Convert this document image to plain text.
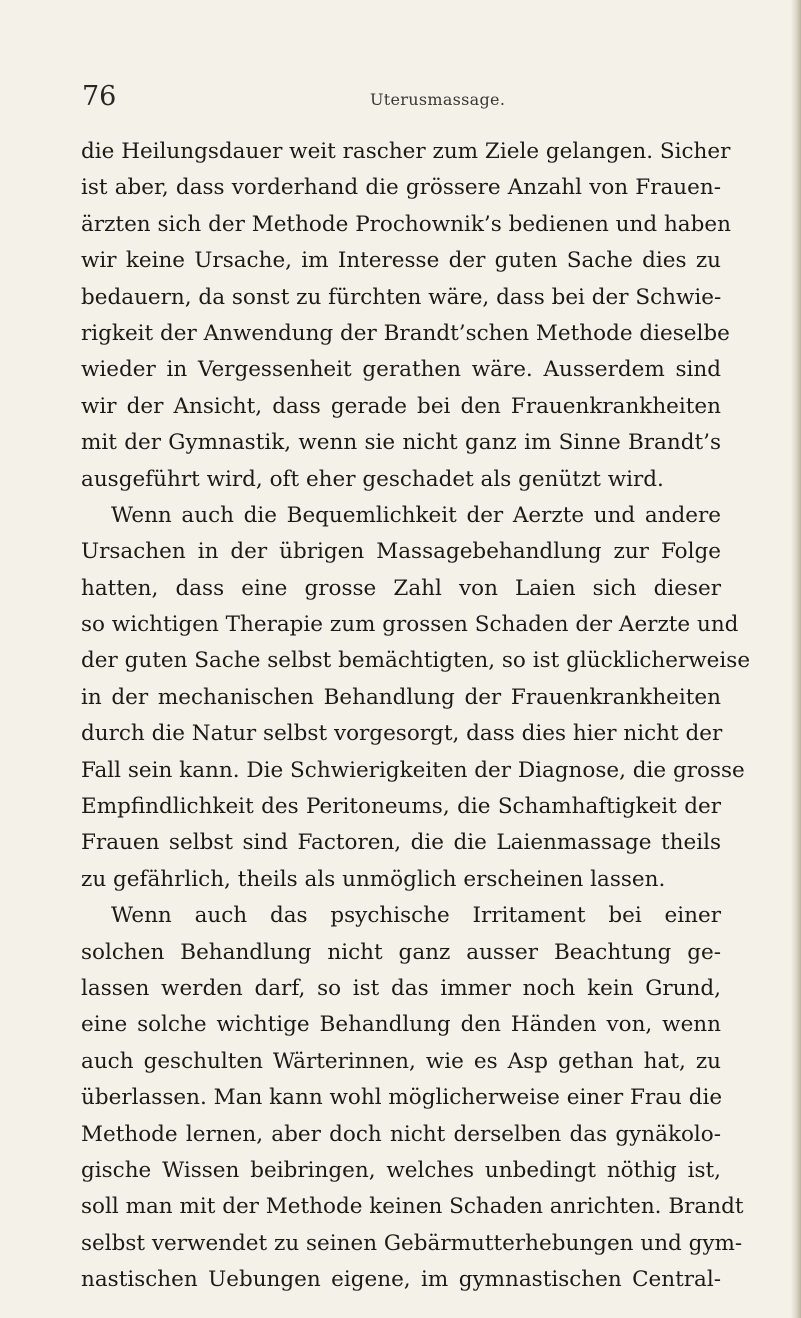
76	Uterusmassage.
die Heilungsdauer weit rascher zum Ziele gelangen. Sicher
ist aber, dass vorderhand die grössere Anzahl von Frauen-
ärzten sich der Methode Prochownik’s bedienen und haben
wir keine Ursache, im Interesse der guten Sache dies zu
bedauern, da sonst zu fürchten wäre, dass bei der Schwie-
rigkeit der Anwendung der Brandt’schen Methode dieselbe
wieder in Vergessenheit gerathen wäre. Ausserdem sind
wir der Ansicht, dass gerade bei den Frauenkrankheiten
mit der Gymnastik, wenn sie nicht ganz im Sinne Brandt’s
ausgeführt wird, oft eher geschadet als genützt wird.
Wenn auch die Bequemlichkeit der Aerzte und andere
Ursachen in der übrigen Massagebehandlung zur Folge
hatten, dass eine grosse Zahl von Laien sich dieser
so wichtigen Therapie zum grossen Schaden der Aerzte und
der guten Sache selbst bemächtigten, so ist glücklicherweise
in der mechanischen Behandlung der Frauenkrankheiten
durch die Natur selbst vorgesorgt, dass dies hier nicht der
Fall sein kann. Die Schwierigkeiten der Diagnose, die grosse
Empfindlichkeit des Peritoneums, die Schamhaftigkeit der
Frauen selbst sind Factoren, die die Laienmassage theils
zu gefährlich, theils als unmöglich erscheinen lassen.
Wenn auch das psychische Irritament bei einer
solchen Behandlung nicht ganz ausser Beachtung ge-
lassen werden darf, so ist das immer noch kein Grund,
eine solche wichtige Behandlung den Händen von, wenn
auch geschulten Wärterinnen, wie es Asp gethan hat, zu
überlassen. Man kann wohl möglicherweise einer Frau die
Methode lernen, aber doch nicht derselben das gynäkolo-
gische Wissen beibringen, welches unbedingt nöthig ist,
soll man mit der Methode keinen Schaden anrichten. Brandt
selbst verwendet zu seinen Gebärmutterhebungen und gym-
nastischen Uebungen eigene, im gymnastischen Central-
